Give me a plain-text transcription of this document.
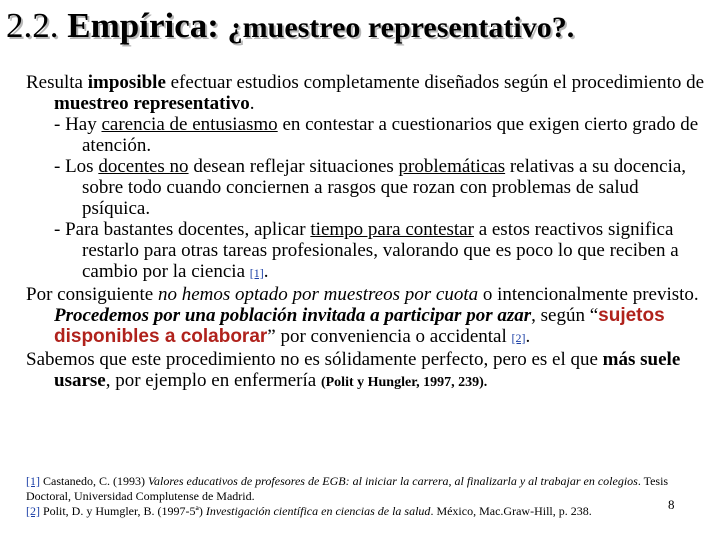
2.2. Empírica: ¿muestreo representativo?.

Resulta imposible efectuar estudios completamente diseñados según el procedimiento de muestreo representativo.

- Hay carencia de entusiasmo en contestar a cuestionarios que exigen cierto grado de atención.

- Los docentes no desean reflejar situaciones problemáticas relativas a su docencia, sobre todo cuando conciernen a rasgos que rozan con problemas de salud psíquica.

- Para bastantes docentes, aplicar tiempo para contestar a estos reactivos significa restarlo para otras tareas profesionales, valorando que es poco lo que reciben a cambio por la ciencia [1].

Por consiguiente no hemos optado por muestreos por cuota o intencionalmente previsto. Procedemos por una población invitada a participar por azar, según “sujetos disponibles a colaborar” por conveniencia o accidental [2].

Sabemos que este procedimiento no es sólidamente perfecto, pero es el que más suele usarse, por ejemplo en enfermería (Polit y Hungler, 1997, 239).

[1] Castanedo, C. (1993) Valores educativos de profesores de EGB: al iniciar la carrera, al finalizarla y al trabajar en colegios. Tesis Doctoral, Universidad Complutense de Madrid.

[2] Polit, D. y Humgler, B. (1997-5ª) Investigación científica en ciencias de la salud. México, Mac.Graw-Hill, p. 238.	8
